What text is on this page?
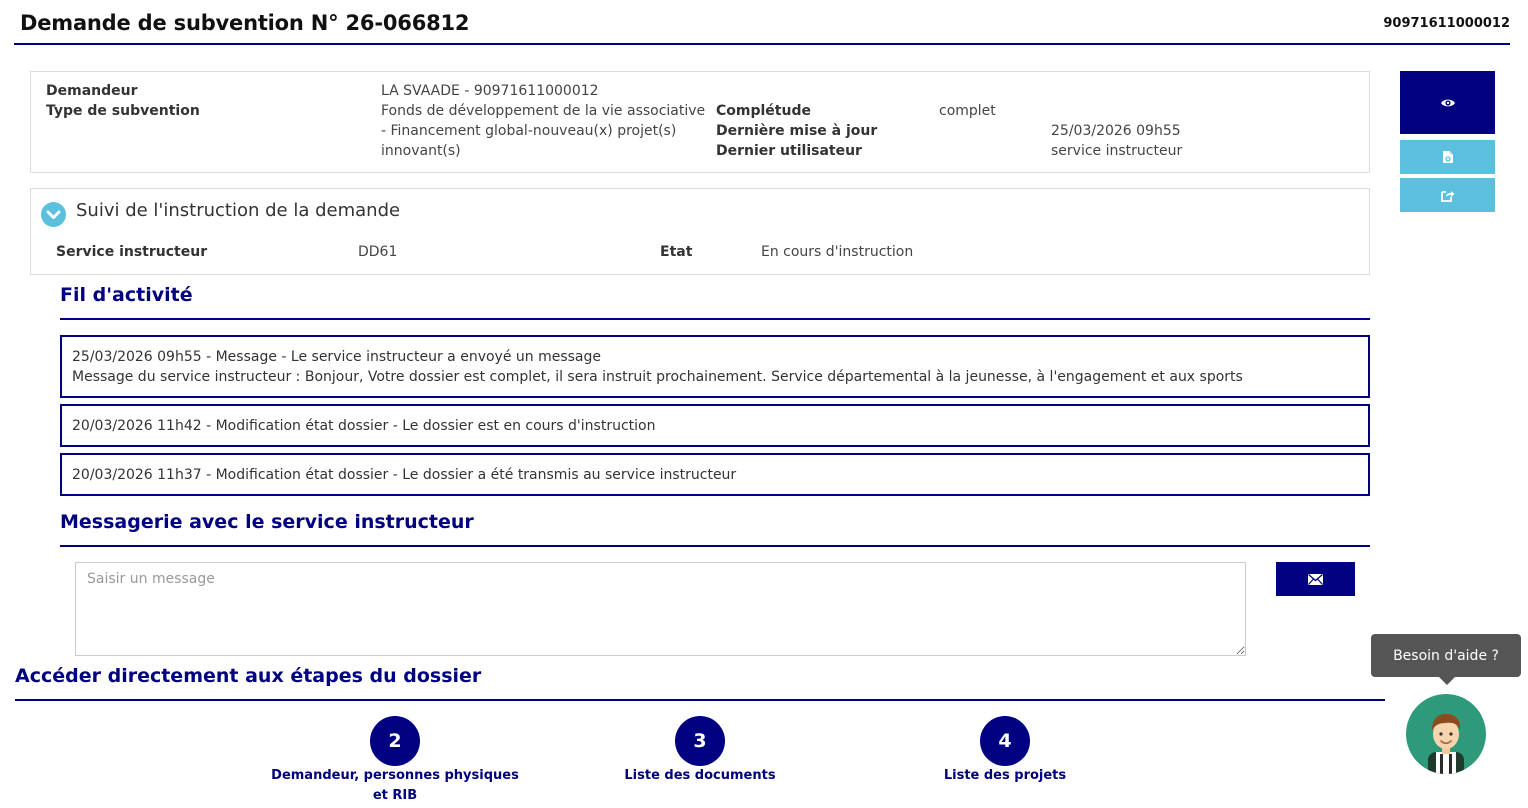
Demande de subvention N° 26-066812	90971611000012
Demandeur	LA SVAADE - 90971611000012
Type de subvention	Fonds de développement de la vie associative
- Financement global-nouveau(x) projet(s)
innovant(s)
Complétude	complet
Dernière mise à jour	25/03/2026 09h55
Dernier utilisateur	service instructeur
Suivi de l'instruction de la demande
Service instructeur	DD61	Etat	En cours d'instruction
Fil d'activité
25/03/2026 09h55 - Message - Le service instructeur a envoyé un message
Message du service instructeur : Bonjour, Votre dossier est complet, il sera instruit prochainement. Service départemental à la jeunesse, à l'engagement et aux sports
20/03/2026 11h42 - Modification état dossier - Le dossier est en cours d'instruction
20/03/2026 11h37 - Modification état dossier - Le dossier a été transmis au service instructeur
Messagerie avec le service instructeur
Saisir un message
Accéder directement aux étapes du dossier
2
Demandeur, personnes physiques
et RIB
3
Liste des documents
4
Liste des projets
Besoin d'aide ?
